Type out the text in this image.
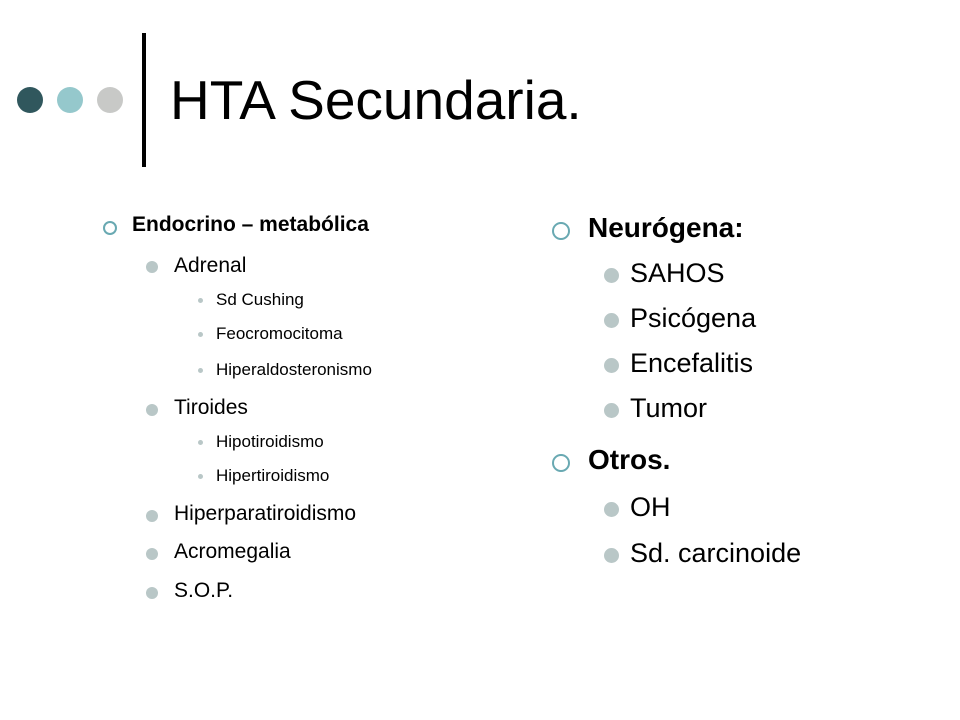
HTA Secundaria.
Endocrino – metabólica
Adrenal
Sd Cushing
Feocromocitoma
Hiperaldosteronismo
Tiroides
Hipotiroidismo
Hipertiroidismo
Hiperparatiroidismo
Acromegalia
S.O.P.
Neurógena:
SAHOS
Psicógena
Encefalitis
Tumor
Otros.
OH
Sd. carcinoide
